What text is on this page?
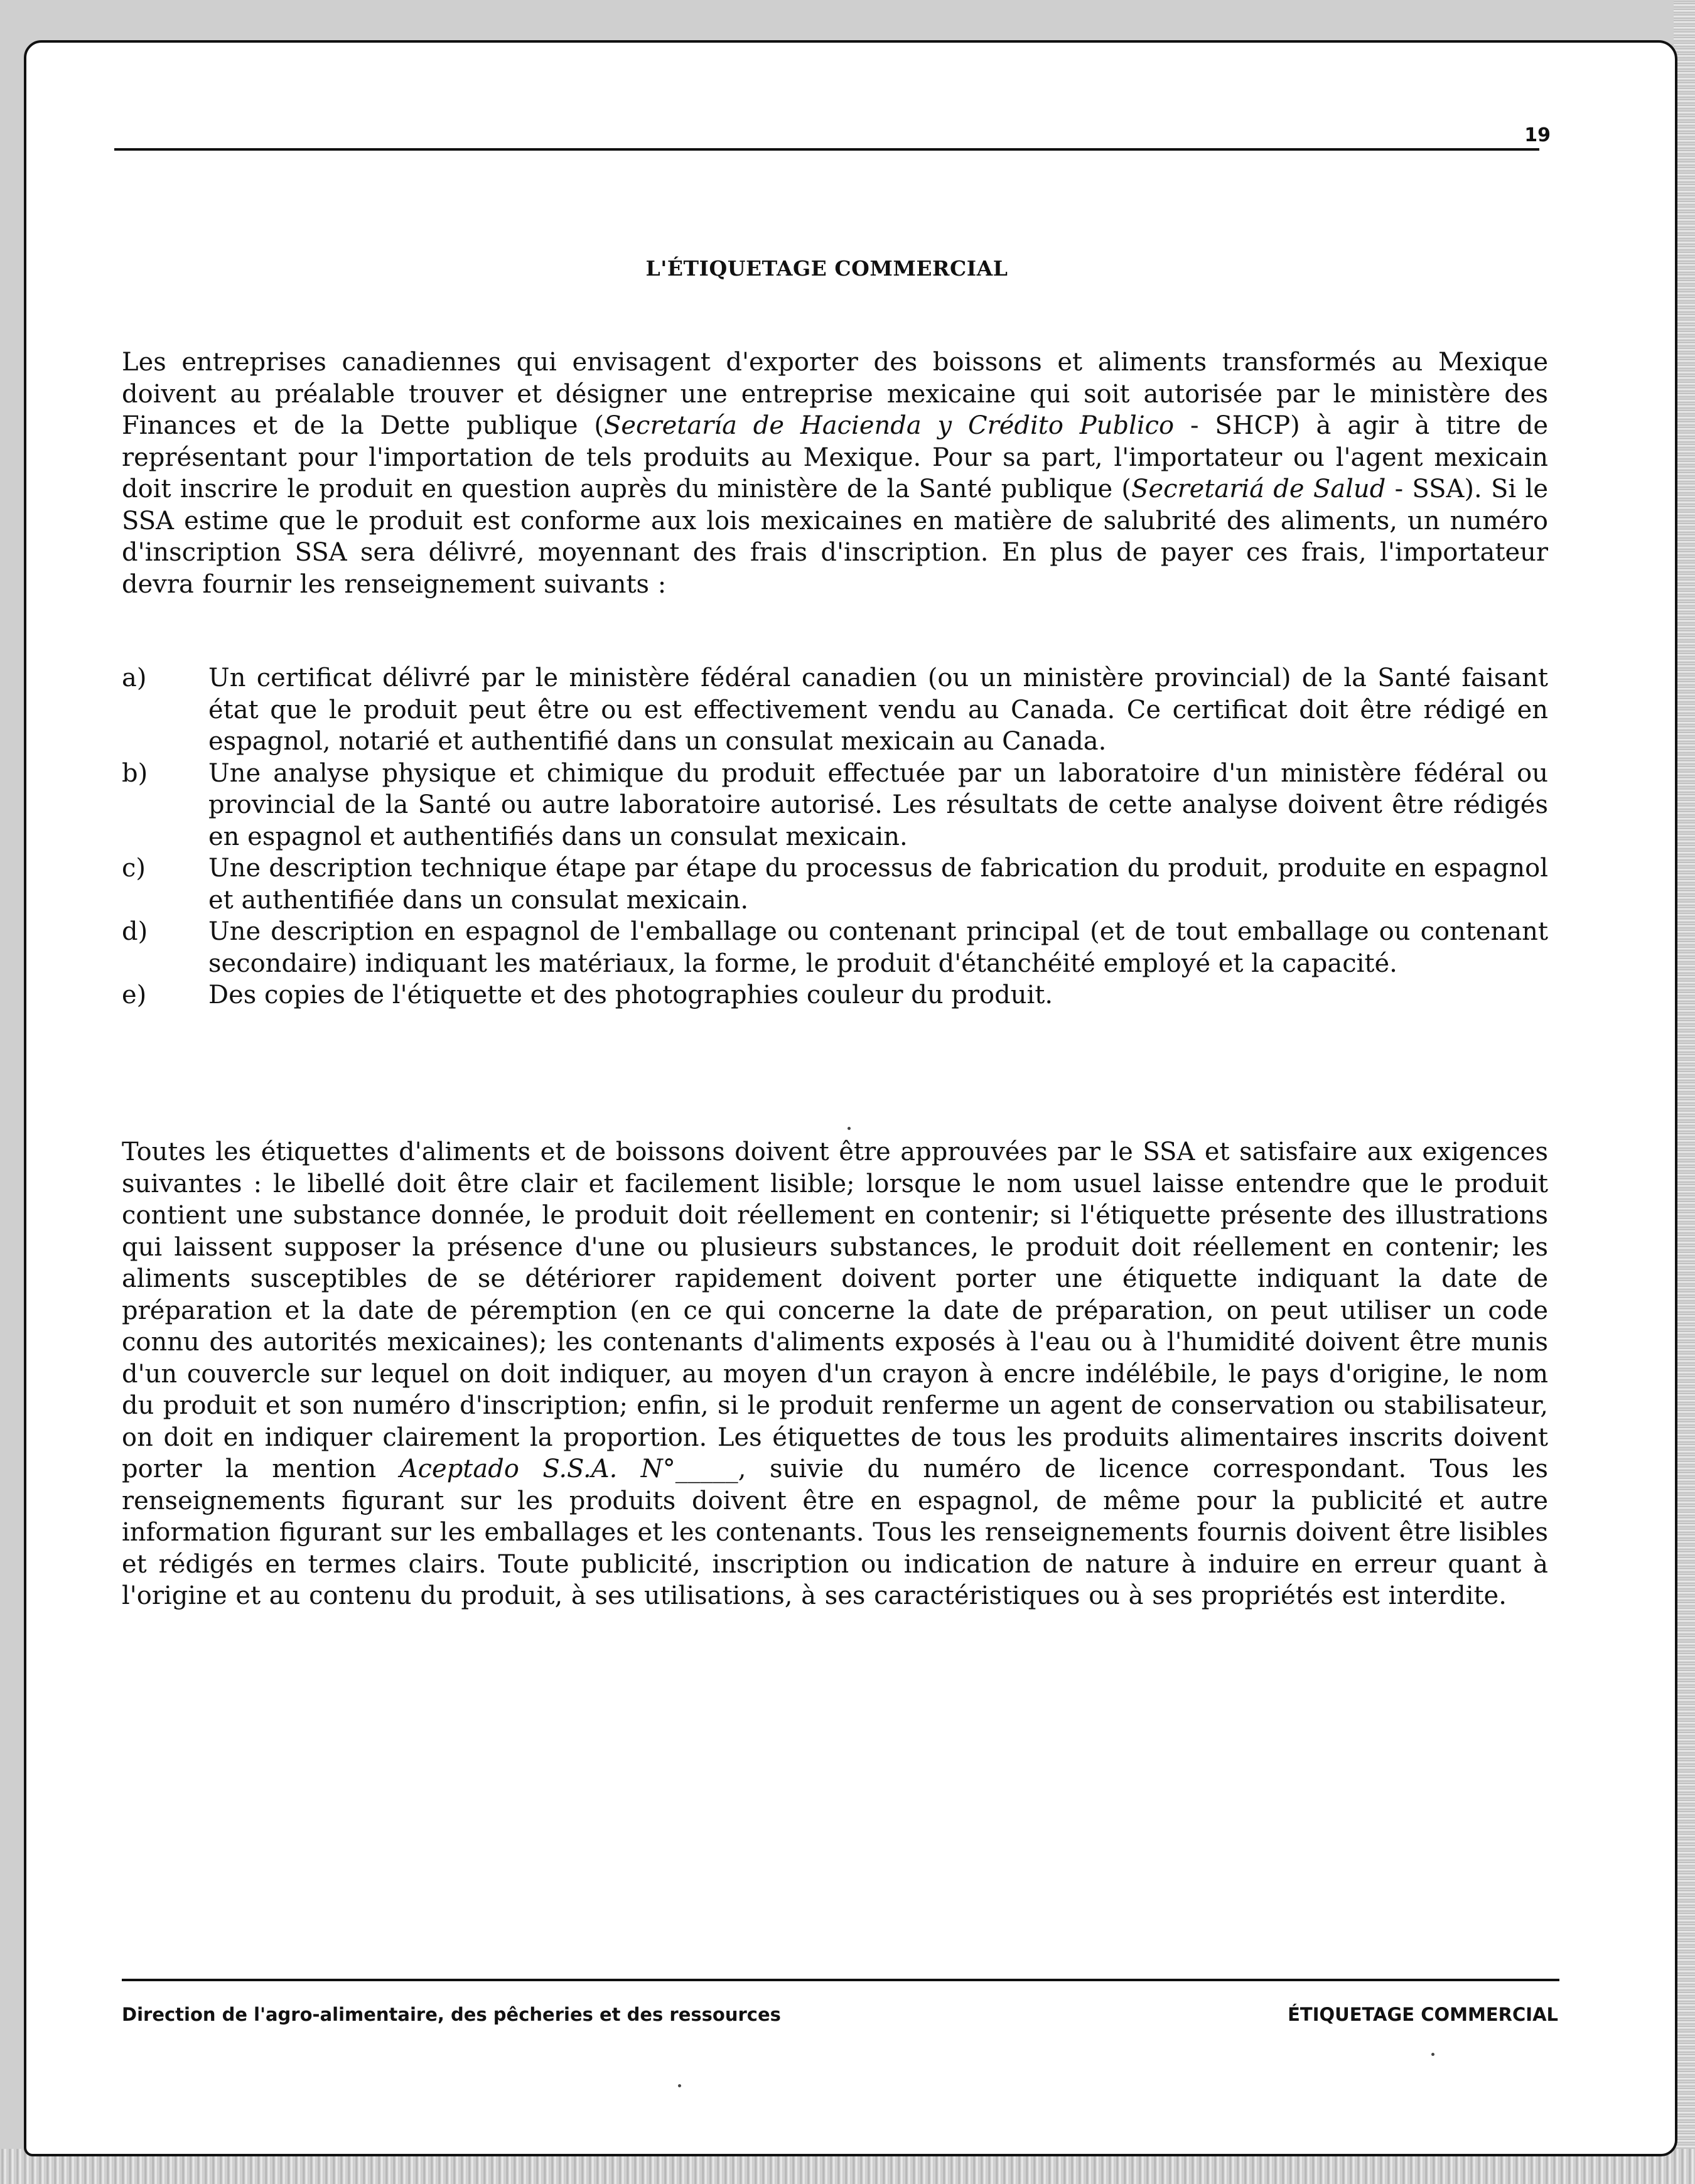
19
L'ÉTIQUETAGE COMMERCIAL
Les entreprises canadiennes qui envisagent d'exporter des boissons et aliments transformés au Mexique doivent au préalable trouver et désigner une entreprise mexicaine qui soit autorisée par le ministère des Finances et de la Dette publique (Secretaría de Hacienda y Crédito Publico - SHCP) à agir à titre de représentant pour l'importation de tels produits au Mexique. Pour sa part, l'importateur ou l'agent mexicain doit inscrire le produit en question auprès du ministère de la Santé publique (Secretariá de Salud - SSA). Si le SSA estime que le produit est conforme aux lois mexicaines en matière de salubrité des aliments, un numéro d'inscription SSA sera délivré, moyennant des frais d'inscription. En plus de payer ces frais, l'importateur devra fournir les renseignement suivants :
a) Un certificat délivré par le ministère fédéral canadien (ou un ministère provincial) de la Santé faisant état que le produit peut être ou est effectivement vendu au Canada. Ce certificat doit être rédigé en espagnol, notarié et authentifié dans un consulat mexicain au Canada.
b) Une analyse physique et chimique du produit effectuée par un laboratoire d'un ministère fédéral ou provincial de la Santé ou autre laboratoire autorisé. Les résultats de cette analyse doivent être rédigés en espagnol et authentifiés dans un consulat mexicain.
c) Une description technique étape par étape du processus de fabrication du produit, produite en espagnol et authentifiée dans un consulat mexicain.
d) Une description en espagnol de l'emballage ou contenant principal (et de tout emballage ou contenant secondaire) indiquant les matériaux, la forme, le produit d'étanchéité employé et la capacité.
e) Des copies de l'étiquette et des photographies couleur du produit.
Toutes les étiquettes d'aliments et de boissons doivent être approuvées par le SSA et satisfaire aux exigences suivantes : le libellé doit être clair et facilement lisible; lorsque le nom usuel laisse entendre que le produit contient une substance donnée, le produit doit réellement en contenir; si l'étiquette présente des illustrations qui laissent supposer la présence d'une ou plusieurs substances, le produit doit réellement en contenir; les aliments susceptibles de se détériorer rapidement doivent porter une étiquette indiquant la date de préparation et la date de péremption (en ce qui concerne la date de préparation, on peut utiliser un code connu des autorités mexicaines); les contenants d'aliments exposés à l'eau ou à l'humidité doivent être munis d'un couvercle sur lequel on doit indiquer, au moyen d'un crayon à encre indélébile, le pays d'origine, le nom du produit et son numéro d'inscription; enfin, si le produit renferme un agent de conservation ou stabilisateur, on doit en indiquer clairement la proportion. Les étiquettes de tous les produits alimentaires inscrits doivent porter la mention Aceptado S.S.A. N°_____, suivie du numéro de licence correspondant. Tous les renseignements figurant sur les produits doivent être en espagnol, de même pour la publicité et autre information figurant sur les emballages et les contenants. Tous les renseignements fournis doivent être lisibles et rédigés en termes clairs. Toute publicité, inscription ou indication de nature à induire en erreur quant à l'origine et au contenu du produit, à ses utilisations, à ses caractéristiques ou à ses propriétés est interdite.
Direction de l'agro-alimentaire, des pêcheries et des ressources	ÉTIQUETAGE COMMERCIAL
